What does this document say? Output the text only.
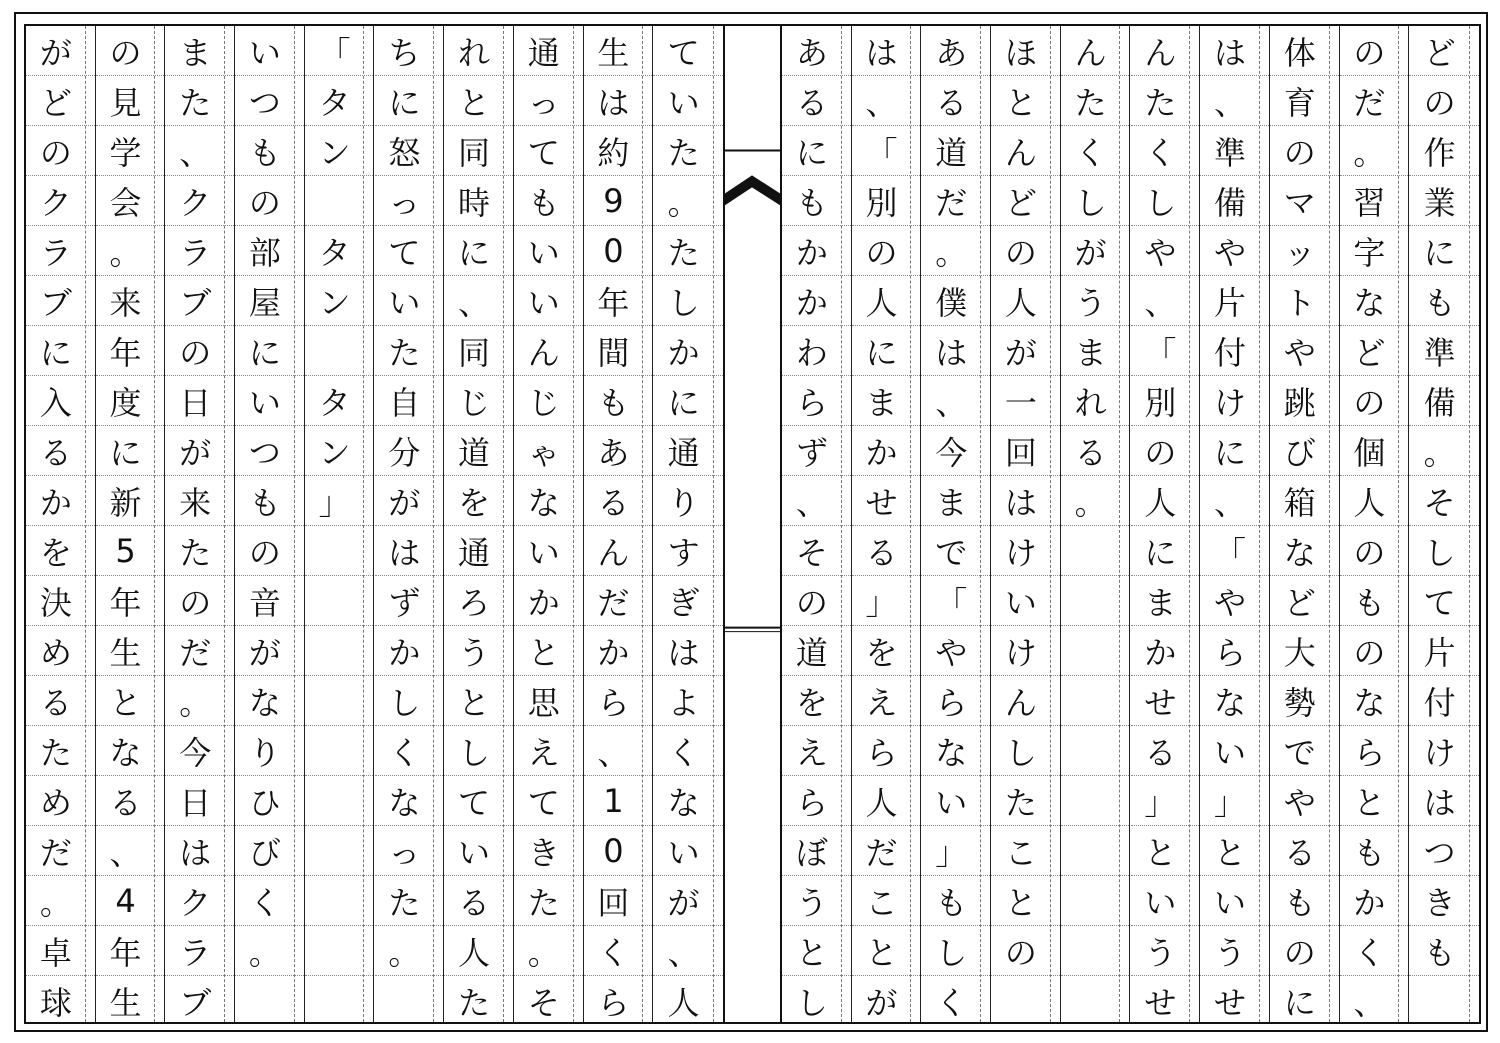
て
い
た
。
た
し
か
に
通
り
す
ぎ
は
よ
く
な
い
が
、
人
生
は
約
9
0
年
間
も
あ
る
ん
だ
か
ら
、
1
0
回
く
ら
通
っ
て
も
い
い
ん
じ
ゃ
な
い
か
と
思
え
て
き
た
。
そ
れ
と
同
時
に
、
同
じ
道
を
通
ろ
う
と
し
て
い
る
人
た
ち
に
怒
っ
て
い
た
自
分
が
は
ず
か
し
く
な
っ
た
。
「
タ
ン
タ
ン
タ
ン
」
い
つ
も
の
部
屋
に
い
つ
も
の
音
が
な
り
ひ
び
く
。
ま
た
、
ク
ラ
ブ
の
日
が
来
た
の
だ
。
今
日
は
ク
ラ
ブ
の
見
学
会
。
来
年
度
に
新
5
年
生
と
な
る
、
4
年
生
が
ど
の
ク
ラ
ブ
に
入
る
か
を
決
め
る
た
め
だ
。
卓
球
ど
の
作
業
に
も
準
備
。
そ
し
て
片
付
け
は
つ
き
も
の
だ
。
習
字
な
ど
の
個
人
の
も
の
な
ら
と
も
か
く
、
体
育
の
マ
ッ
ト
や
跳
び
箱
な
ど
大
勢
で
や
る
も
の
に
は
、
準
備
や
片
付
け
に
、
「
や
ら
な
い
」
と
い
う
せ
ん
た
く
し
や
、
「
別
の
人
に
ま
か
せ
る
」
と
い
う
せ
ん
た
く
し
が
う
ま
れ
る
。
ほ
と
ん
ど
の
人
が
一
回
は
け
い
け
ん
し
た
こ
と
の
あ
る
道
だ
。
僕
は
、
今
ま
で
「
や
ら
な
い
」
も
し
く
は
、
「
別
の
人
に
ま
か
せ
る
」
を
え
ら
人
だ
こ
と
が
あ
る
に
も
か
か
わ
ら
ず
、
そ
の
道
を
え
ら
ぼ
う
と
し
